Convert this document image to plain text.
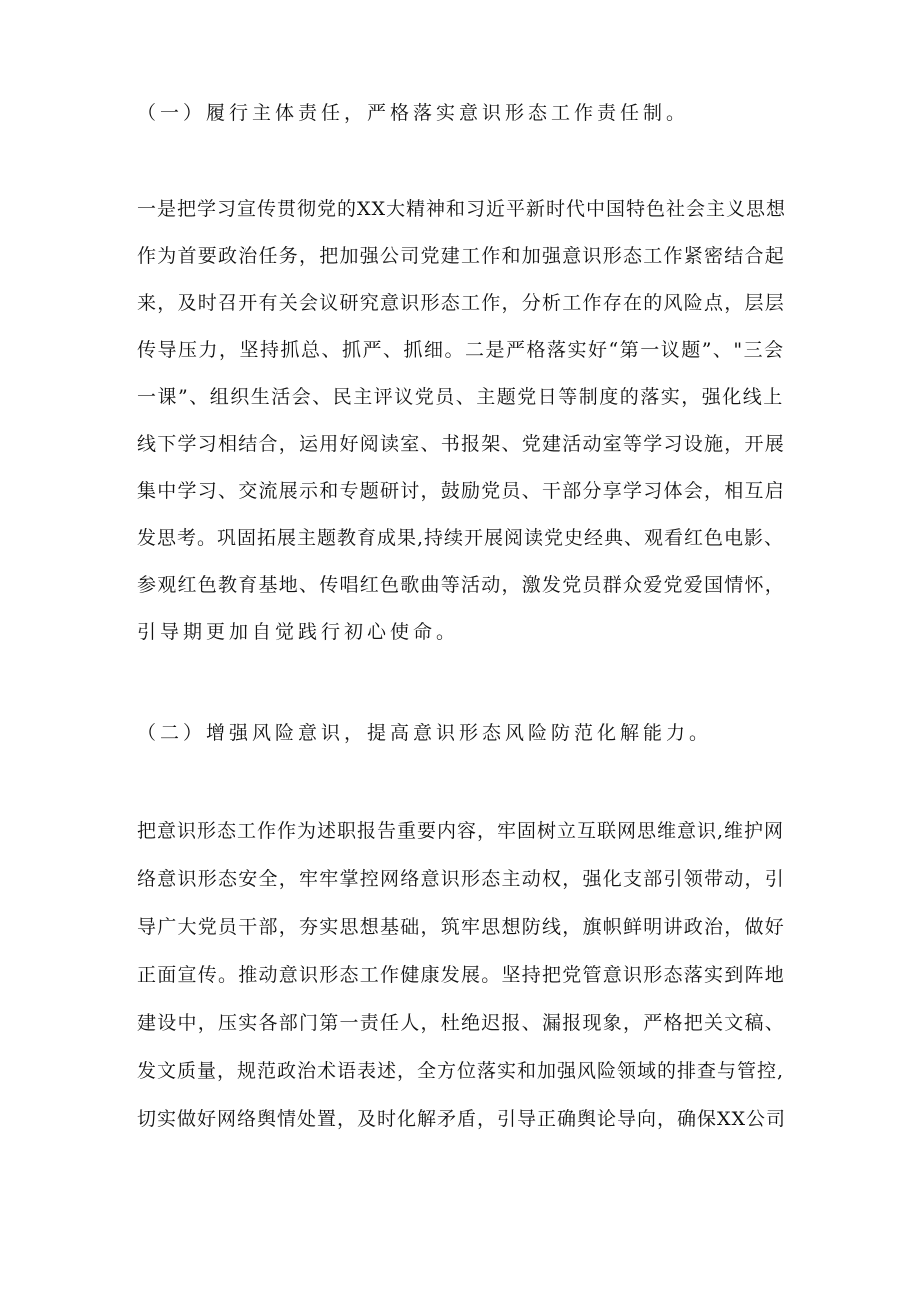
（一）履行主体责任，严格落实意识形态工作责任制。

一是把学习宣传贯彻党的XX大精神和习近平新时代中国特色社会主义思想

作为首要政治任务，把加强公司党建工作和加强意识形态工作紧密结合起

来，及时召开有关会议研究意识形态工作，分析工作存在的风险点，层层

传导压力，坚持抓总、抓严、抓细。二是严格落实好“第一议题”、"三会

一课”、组织生活会、民主评议党员、主题党日等制度的落实，强化线上

线下学习相结合，运用好阅读室、书报架、党建活动室等学习设施，开展

集中学习、交流展示和专题研讨，鼓励党员、干部分享学习体会，相互启

发思考。巩固拓展主题教育成果,持续开展阅读党史经典、观看红色电影、

参观红色教育基地、传唱红色歌曲等活动，激发党员群众爱党爱国情怀，

引导期更加自觉践行初心使命。

（二）增强风险意识，提高意识形态风险防范化解能力。

把意识形态工作作为述职报告重要内容，牢固树立互联网思维意识,维护网

络意识形态安全，牢牢掌控网络意识形态主动权，强化支部引领带动，引

导广大党员干部，夯实思想基础，筑牢思想防线，旗帜鲜明讲政治，做好

正面宣传。推动意识形态工作健康发展。坚持把党管意识形态落实到阵地

建设中，压实各部门第一责任人，杜绝迟报、漏报现象，严格把关文稿、

发文质量，规范政治术语表述，全方位落实和加强风险领域的排查与管控,

切实做好网络舆情处置，及时化解矛盾，引导正确舆论导向，确保XX公司
